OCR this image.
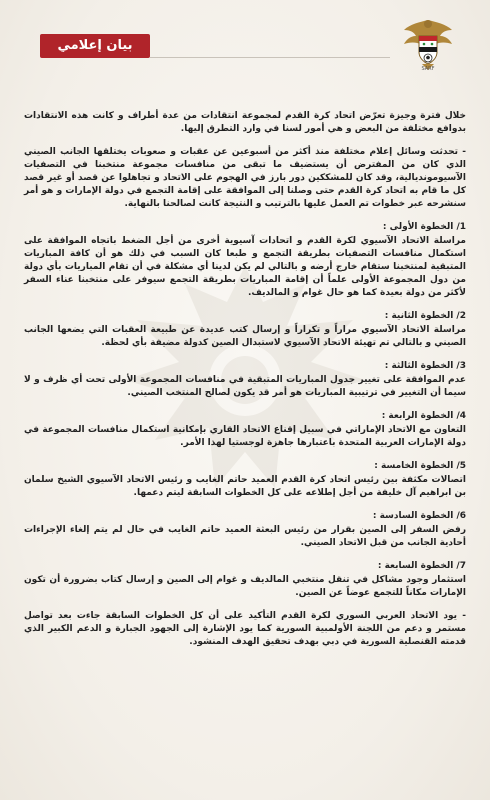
بيان إعلامي
SARF

خلال فترة وجيزة تعرّض اتحاد كرة القدم لمجموعة انتقادات من عدة أطراف و كانت هذه الانتقادات بدوافع مختلفة من البعض و هي أمور لسنا في وارد التطرق إليها.

- تحدثت وسائل إعلام مختلفة منذ أكثر من أسبوعين عن عقبات و صعوبات يختلقها الجانب الصيني الذي كان من المفترض أن يستضيف ما تبقى من منافسات مجموعة منتخبنا في التصفيات الآسيومونديالية، وقد كان للمشككين دور بارز في الهجوم على الاتحاد و تجاهلوا عن قصد أو غير قصد كل ما قام به اتحاد كرة القدم حتى وصلنا إلى الموافقة على إقامة التجمع في دولة الإمارات و هو أمر سنشرحه عبر خطوات تم العمل عليها بالترتيب و النتيجة كانت لصالحنا بالنهاية.

1/ الخطوة الأولى :

مراسلة الاتحاد الآسيوي لكرة القدم و اتحادات آسيوية أخرى من أجل الضغط باتجاه الموافقة على استكمال منافسات التصفيات بطريقة التجمع و طبعا كان السبب في ذلك هو أن كافة المباريات المتبقية لمنتخبنا ستقام خارج أرضه و بالتالي لم يكن لدينا أي مشكلة في أن تقام المباريات بأي دولة من دول المجموعة الأولى علماً أن إقامة المباريات بطريقة التجمع سيوفر على منتخبنا عناء السفر لأكثر من دولة بعيدة كما هو حال غوام و المالديف.

2/ الخطوة الثانية :

مراسلة الاتحاد الآسيوي مراراً و تكراراً و إرسال كتب عديدة عن طبيعة العقبات التي يضعها الجانب الصيني و بالتالي تم تهيئة الاتحاد الآسيوي لاستبدال الصين كدولة مضيفة بأي لحظة.

3/ الخطوة الثالثة :

عدم الموافقة على تغيير جدول المباريات المتبقية في منافسات المجموعة الأولى تحت أي ظرف و لا سيما أن التغيير في ترتيبية المباريات هو أمر قد يكون لصالح المنتخب الصيني.

4/ الخطوة الرابعة :

التعاون مع الاتحاد الإماراتي في سبيل إقناع الاتحاد القاري بإمكانية استكمال منافسات المجموعة في دولة الإمارات العربية المتحدة باعتبارها جاهزة لوجستيا لهذا الأمر.

5/ الخطوة الخامسة :

اتصالات مكثفة بين رئيس اتحاد كرة القدم العميد حاتم الغايب و رئيس الاتحاد الآسيوي الشيخ سلمان بن ابراهيم آل خليفة من أجل إطلاعه على كل الخطوات السابقة ليتم دعمها.

6/ الخطوة السادسة :

رفض السفر إلى الصين بقرار من رئيس البعثة العميد حاتم الغايب في حال لم يتم إلغاء الإجراءات أحادية الجانب من قبل الاتحاد الصيني.

7/ الخطوة السابعة :

استثمار وجود مشاكل في تنقل منتخبي المالديف و غوام إلى الصين و إرسال كتاب بضرورة أن تكون الإمارات مكاناً للتجمع عوضاً عن الصين.

- يود الاتحاد العربي السوري لكرة القدم التأكيد على أن كل الخطوات السابقة جاءت بعد تواصل مستمر و دعم من اللجنة الأولمبية السورية كما يود الإشارة إلى الجهود الجبارة و الدعم الكبير الذي قدمته القنصلية السورية في دبي بهدف تحقيق الهدف المنشود.
